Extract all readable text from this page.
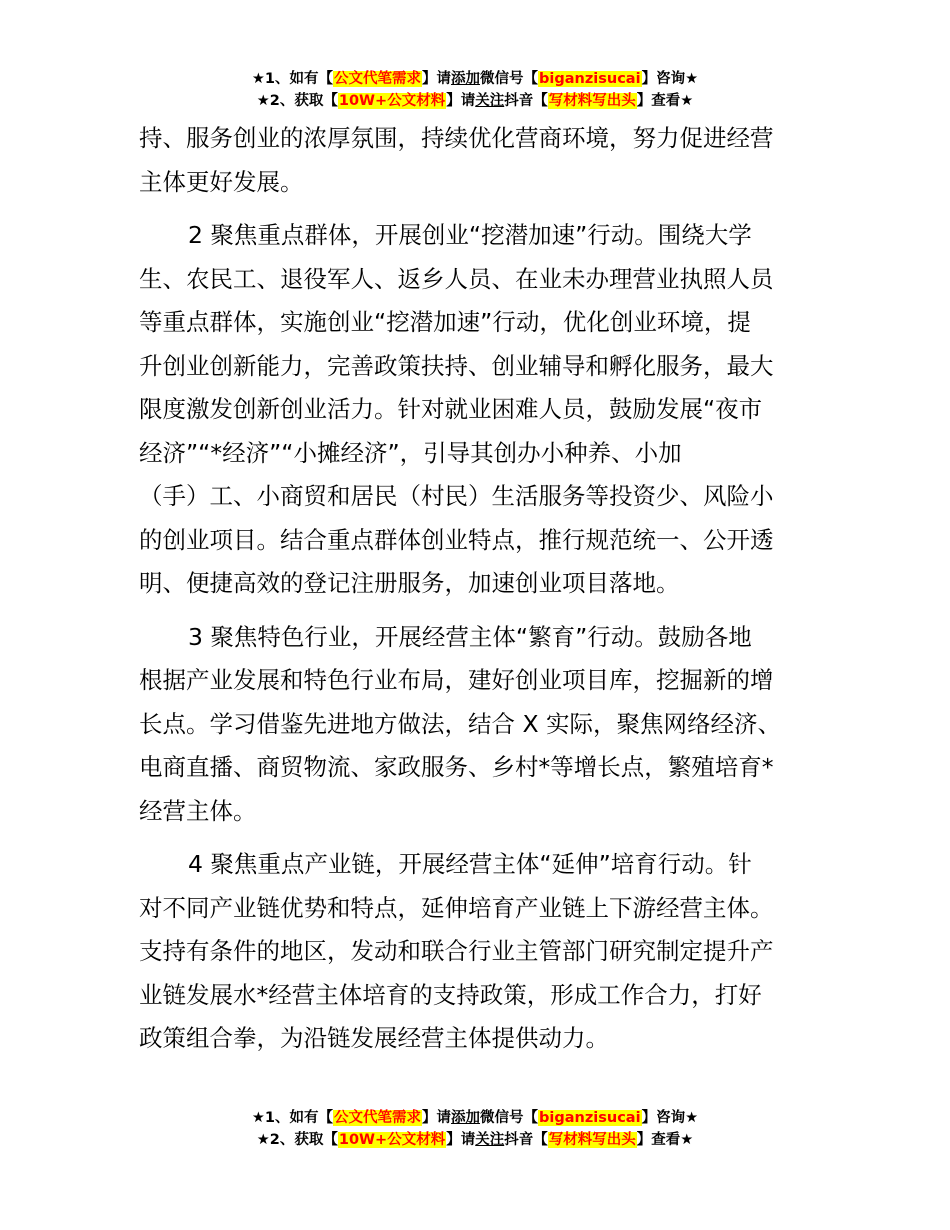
★1、如有【公文代笔需求】请添加微信号【biganzisucai】咨询★
★2、获取【10W+公文材料】请关注抖音【写材料写出头】查看★
持、服务创业的浓厚氛围，持续优化营商环境，努力促进经营
主体更好发展。
2 聚焦重点群体，开展创业“挖潜加速”行动。围绕大学
生、农民工、退役军人、返乡人员、在业未办理营业执照人员
等重点群体，实施创业“挖潜加速”行动，优化创业环境，提
升创业创新能力，完善政策扶持、创业辅导和孵化服务，最大
限度激发创新创业活力。针对就业困难人员，鼓励发展“夜市
经济”“*经济”“小摊经济”，引导其创办小种养、小加
（手）工、小商贸和居民（村民）生活服务等投资少、风险小
的创业项目。结合重点群体创业特点，推行规范统一、公开透
明、便捷高效的登记注册服务，加速创业项目落地。
3 聚焦特色行业，开展经营主体“繁育”行动。鼓励各地
根据产业发展和特色行业布局，建好创业项目库，挖掘新的增
长点。学习借鉴先进地方做法，结合 X 实际，聚焦网络经济、
电商直播、商贸物流、家政服务、乡村*等增长点，繁殖培育*
经营主体。
4 聚焦重点产业链，开展经营主体“延伸”培育行动。针
对不同产业链优势和特点，延伸培育产业链上下游经营主体。
支持有条件的地区，发动和联合行业主管部门研究制定提升产
业链发展水*经营主体培育的支持政策，形成工作合力，打好
政策组合拳，为沿链发展经营主体提供动力。
★1、如有【公文代笔需求】请添加微信号【biganzisucai】咨询★
★2、获取【10W+公文材料】请关注抖音【写材料写出头】查看★
